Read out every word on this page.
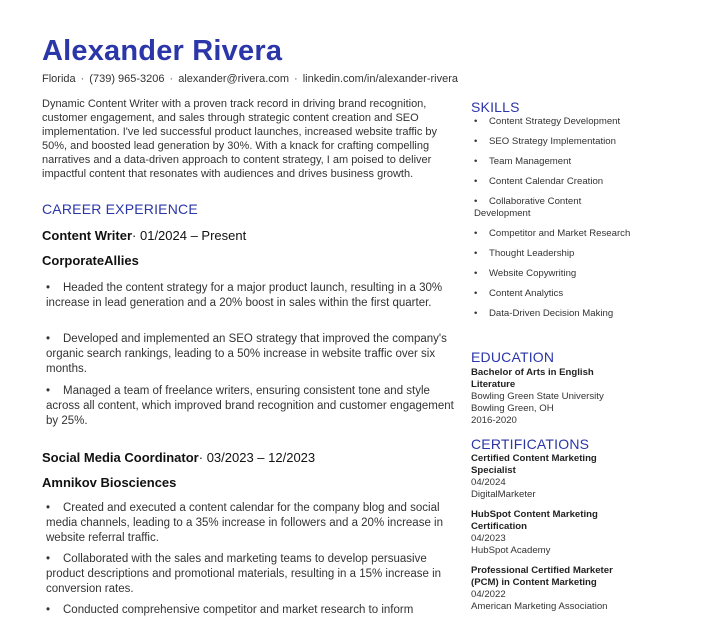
Alexander Rivera
Florida · (739) 965-3206 · alexander@rivera.com · linkedin.com/in/alexander-rivera

Dynamic Content Writer with a proven track record in driving brand recognition, customer engagement, and sales through strategic content creation and SEO implementation. I've led successful product launches, increased website traffic by 50%, and boosted lead generation by 30%. With a knack for crafting compelling narratives and a data-driven approach to content strategy, I am poised to deliver impactful content that resonates with audiences and drives business growth.

CAREER EXPERIENCE
Content Writer· 01/2024 – Present
CorporateAllies

• Headed the content strategy for a major product launch, resulting in a 30% increase in lead generation and a 20% boost in sales within the first quarter.

• Developed and implemented an SEO strategy that improved the company's organic search rankings, leading to a 50% increase in website traffic over six months.

• Managed a team of freelance writers, ensuring consistent tone and style across all content, which improved brand recognition and customer engagement by 25%.

Social Media Coordinator· 03/2023 – 12/2023
Amnikov Biosciences

• Created and executed a content calendar for the company blog and social media channels, leading to a 35% increase in followers and a 20% increase in website referral traffic.

• Collaborated with the sales and marketing teams to develop persuasive product descriptions and promotional materials, resulting in a 15% increase in conversion rates.

• Conducted comprehensive competitor and market research to inform

SKILLS
• Content Strategy Development
• SEO Strategy Implementation
• Team Management
• Content Calendar Creation
• Collaborative Content Development
• Competitor and Market Research
• Thought Leadership
• Website Copywriting
• Content Analytics
• Data-Driven Decision Making
EDUCATION
Bachelor of Arts in English Literature
Bowling Green State University
Bowling Green, OH
2016-2020
CERTIFICATIONS
Certified Content Marketing Specialist
04/2024
DigitalMarketer
HubSpot Content Marketing Certification
04/2023
HubSpot Academy
Professional Certified Marketer (PCM) in Content Marketing
04/2022
American Marketing Association
